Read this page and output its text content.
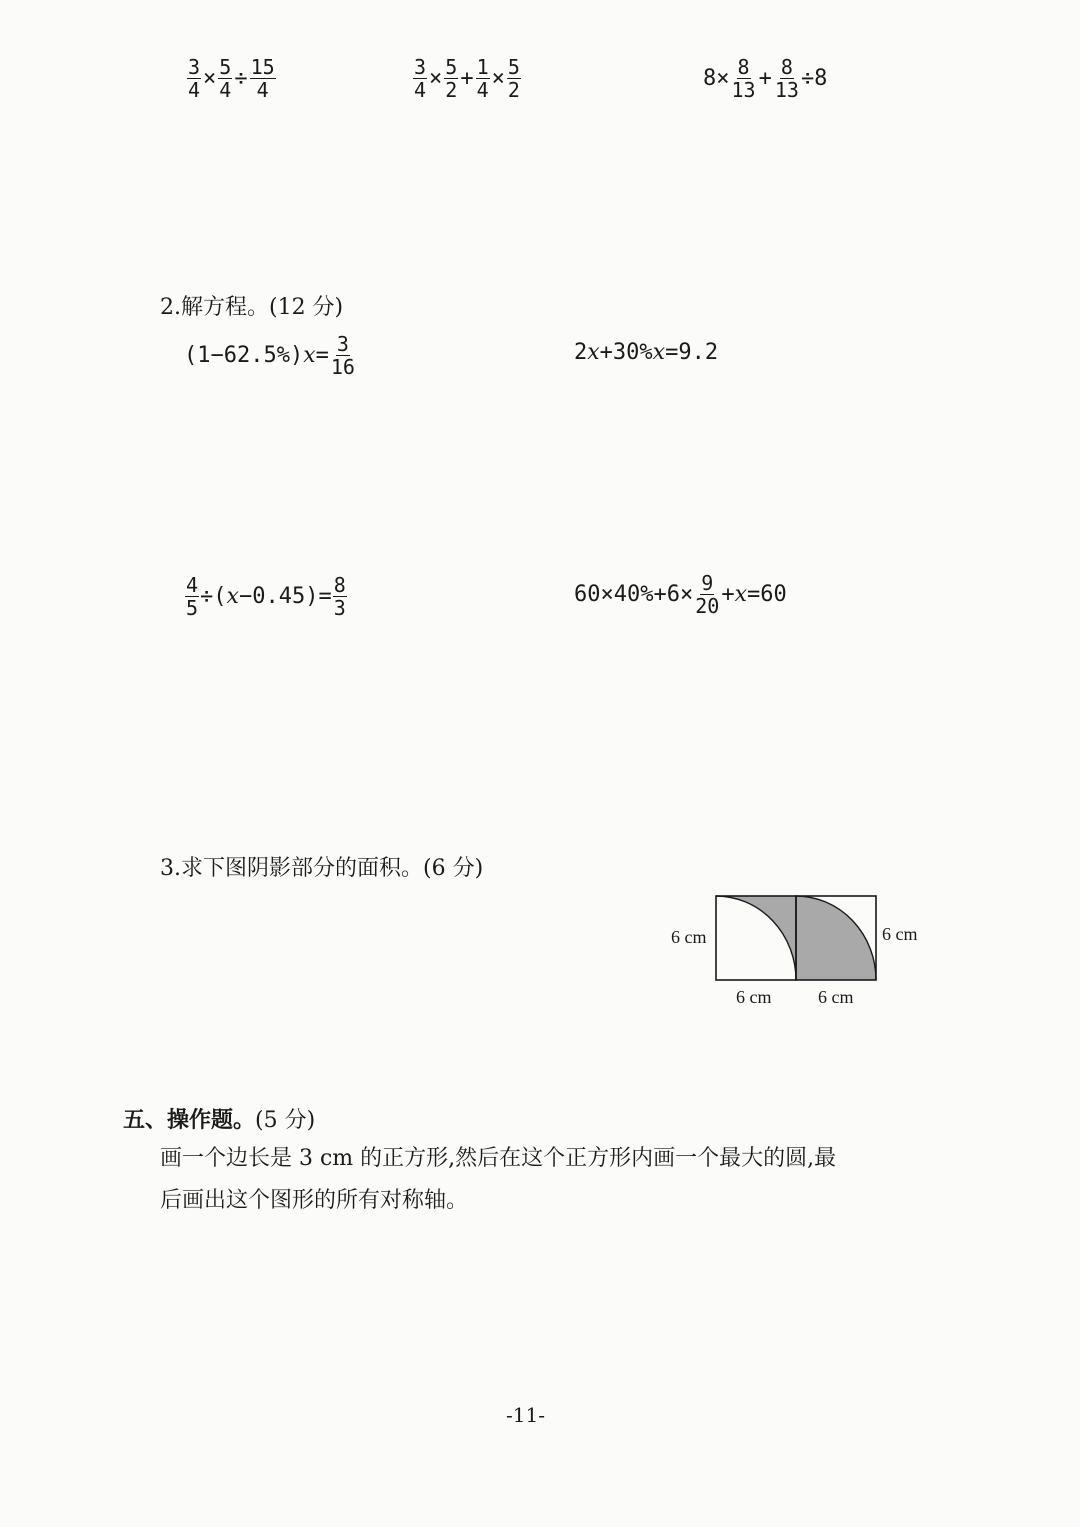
$\frac{3}{4} \times \frac{5}{4} \div \frac{15}{4}$	$\frac{3}{4} \times \frac{5}{2} + \frac{1}{4} \times \frac{5}{2}$	$8\times \frac{8}{13} + \frac{8}{13} \div 8$
2.解方程。(12 分)
(1−62.5%) $x = \frac{3}{16}$	2 x +30% x =9.2
$\frac{4}{5}$ ÷( $x -0.45)= \frac{8}{3}$	$60\times 40\%+6\times \frac{9}{20} + x =60$
3.求下图阴影部分的面积。(6 分)
6 cm	6 cm
6 cm	6 cm
五、操作题。(5 分)
画一个边长是 3 cm 的正方形,然后在这个正方形内画一个最大的圆,最
后画出这个图形的所有对称轴。
-11-
